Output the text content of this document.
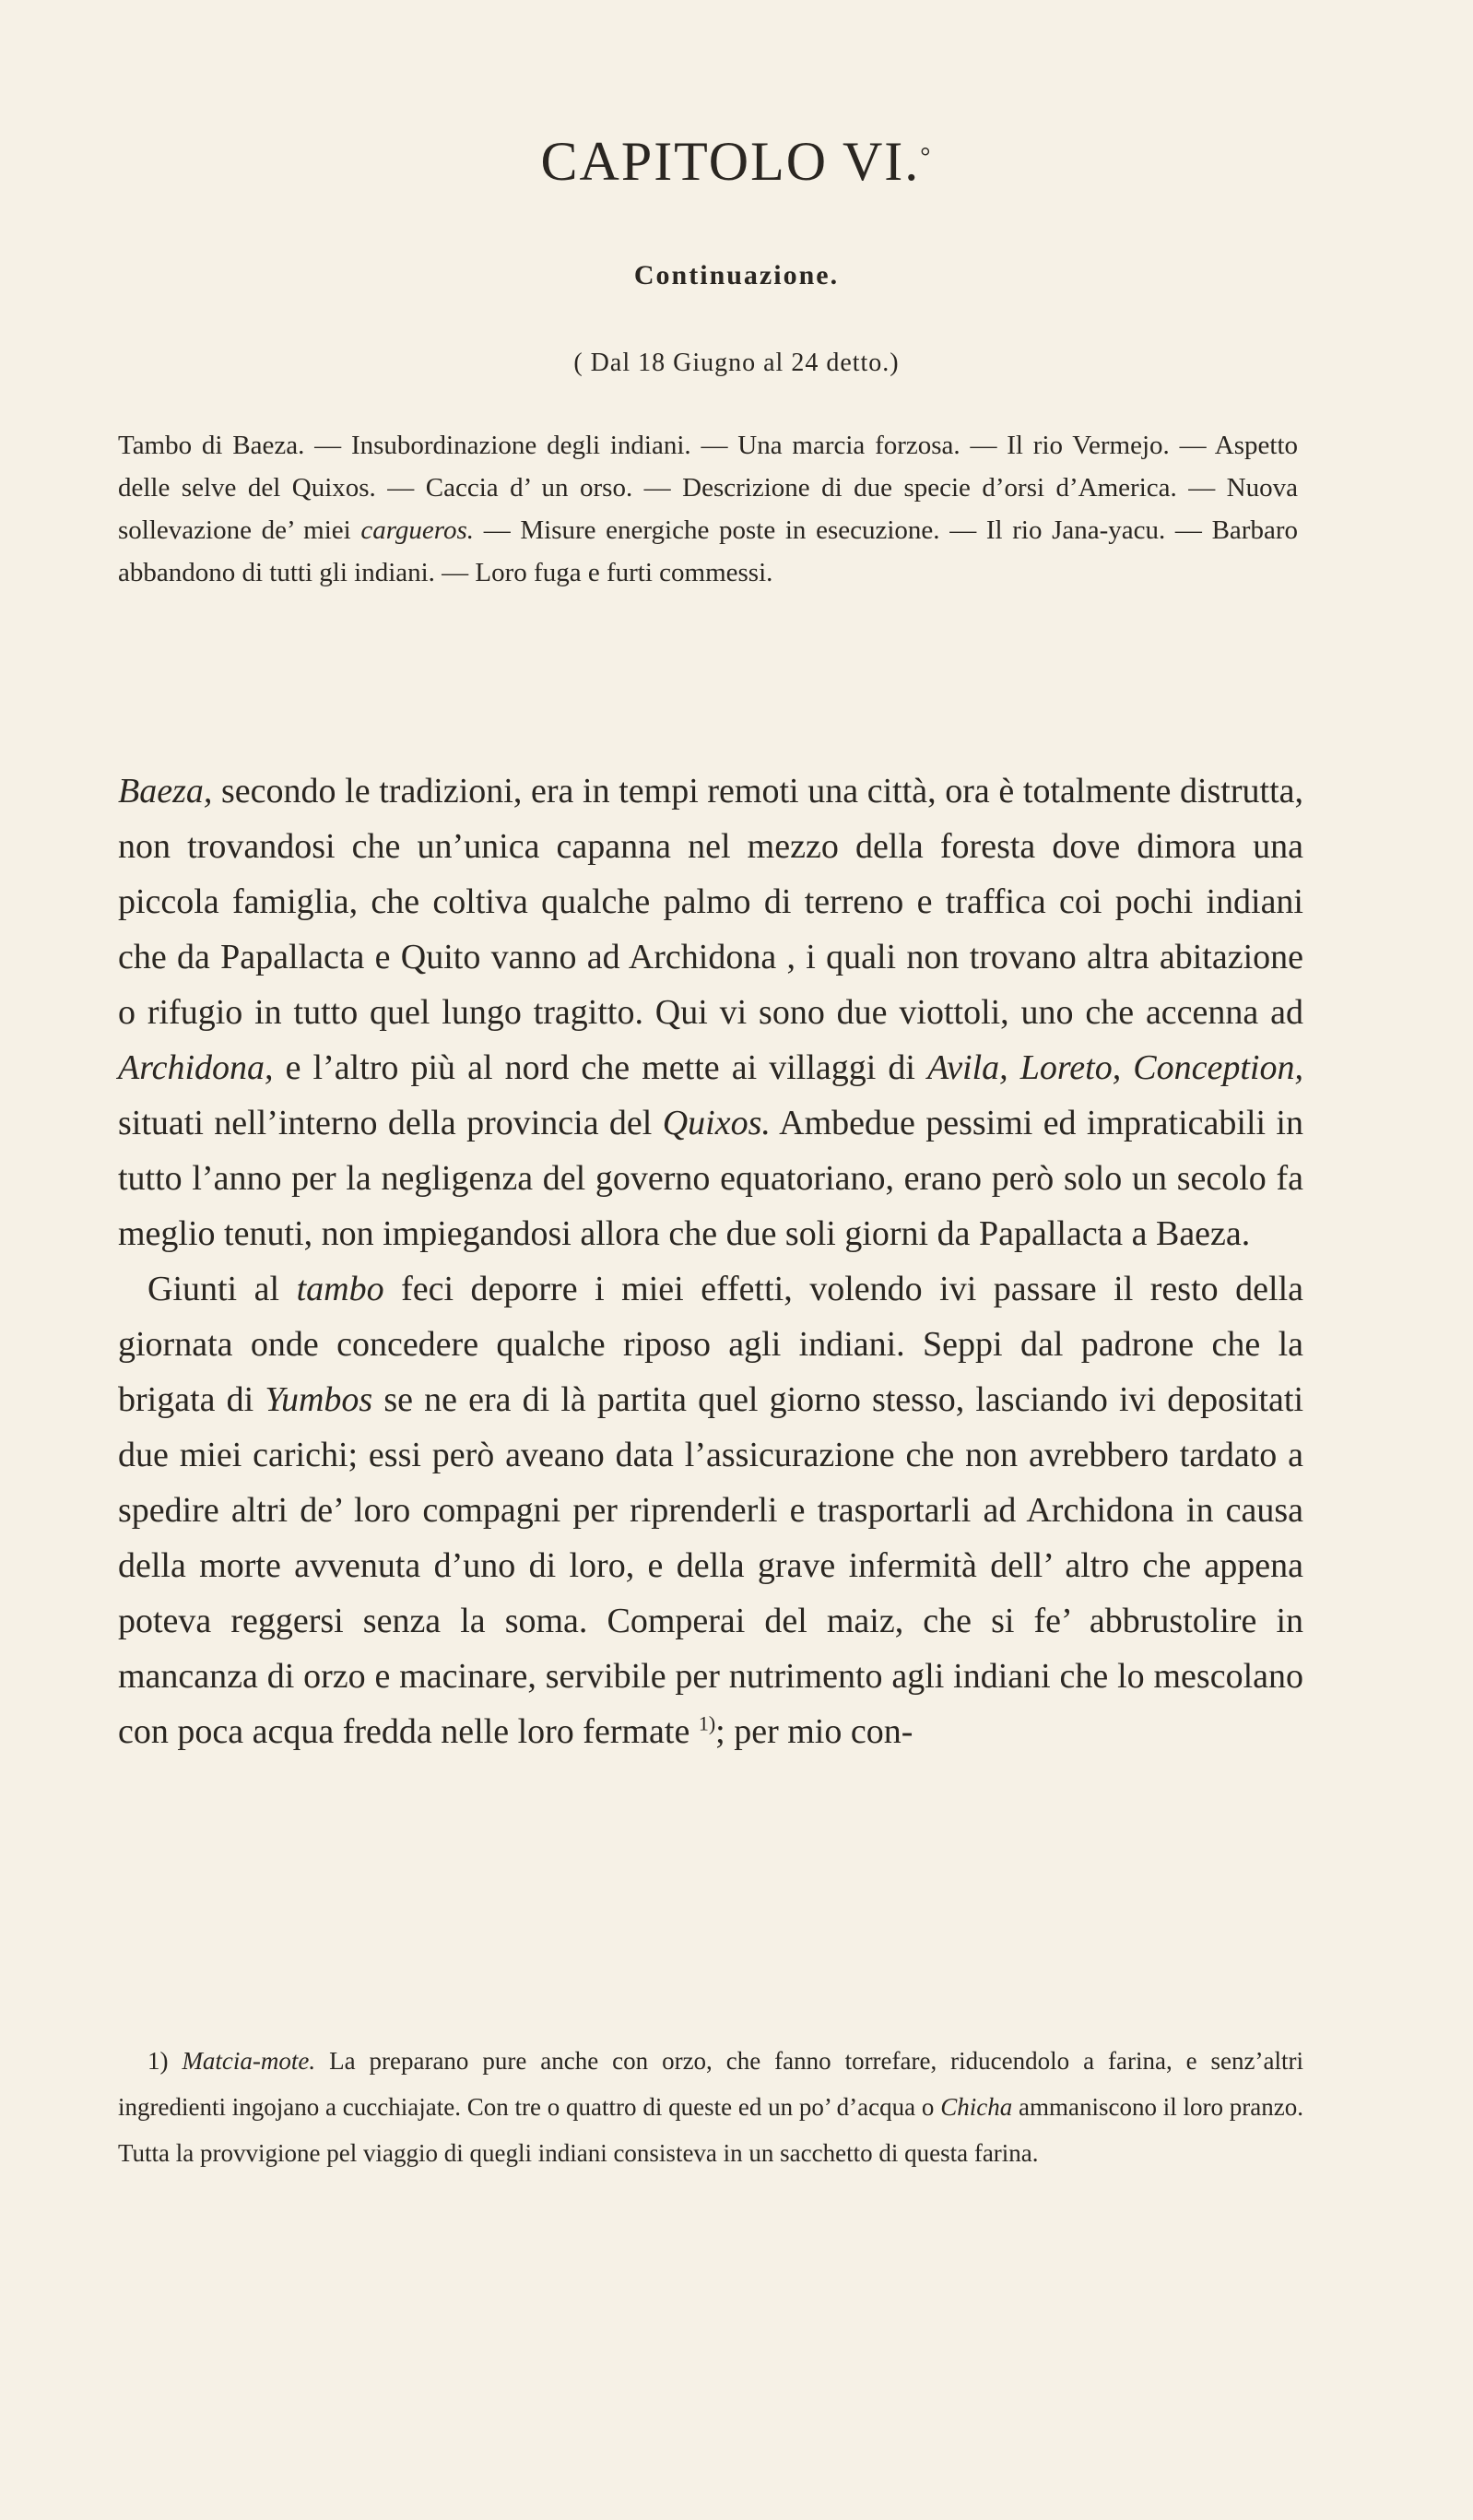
CAPITOLO VI.°
Continuazione.
( Dal 18 Giugno al 24 detto.)

Tambo di Baeza. — Insubordinazione degli indiani. — Una marcia forzosa. — Il rio Vermejo. — Aspetto delle selve del Quixos. — Caccia d’ un orso. — Descrizione di due specie d’orsi d’America. — Nuova sollevazione de’ miei cargueros. — Misure energiche poste in esecuzione. — Il rio Jana-yacu. — Barbaro abbandono di tutti gli indiani. — Loro fuga e furti commessi.

Baeza, secondo le tradizioni, era in tempi remoti una città, ora è totalmente distrutta, non trovandosi che un’unica capanna nel mezzo della foresta dove dimora una piccola famiglia, che coltiva qualche palmo di terreno e traffica coi pochi indiani che da Papallacta e Quito vanno ad Archidona , i quali non trovano altra abitazione o rifugio in tutto quel lungo tragitto. Qui vi sono due viottoli, uno che accenna ad Archidona, e l’altro più al nord che mette ai villaggi di Avila, Loreto, Conception, situati nell’interno della provincia del Quixos. Ambedue pessimi ed impraticabili in tutto l’anno per la negligenza del governo equatoriano, erano però solo un secolo fa meglio tenuti, non impiegandosi allora che due soli giorni da Papallacta a Baeza.

Giunti al tambo feci deporre i miei effetti, volendo ivi passare il resto della giornata onde concedere qualche riposo agli indiani. Seppi dal padrone che la brigata di Yumbos se ne era di là partita quel giorno stesso, lasciando ivi depositati due miei carichi; essi però aveano data l’assicurazione che non avrebbero tardato a spedire altri de’ loro compagni per riprenderli e trasportarli ad Archidona in causa della morte avvenuta d’uno di loro, e della grave infermità dell’ altro che appena poteva reggersi senza la soma. Comperai del maiz, che si fe’ abbrustolire in mancanza di orzo e macinare, servibile per nutrimento agli indiani che lo mescolano con poca acqua fredda nelle loro fermate $^{1)}$; per mio con-

1) Matcia-mote. La preparano pure anche con orzo, che fanno torrefare, riducendolo a farina, e senz’altri ingredienti ingojano a cucchiajate. Con tre o quattro di queste ed un po’ d’acqua o Chicha ammaniscono il loro pranzo. Tutta la provvigione pel viaggio di quegli indiani consisteva in un sacchetto di questa farina.
